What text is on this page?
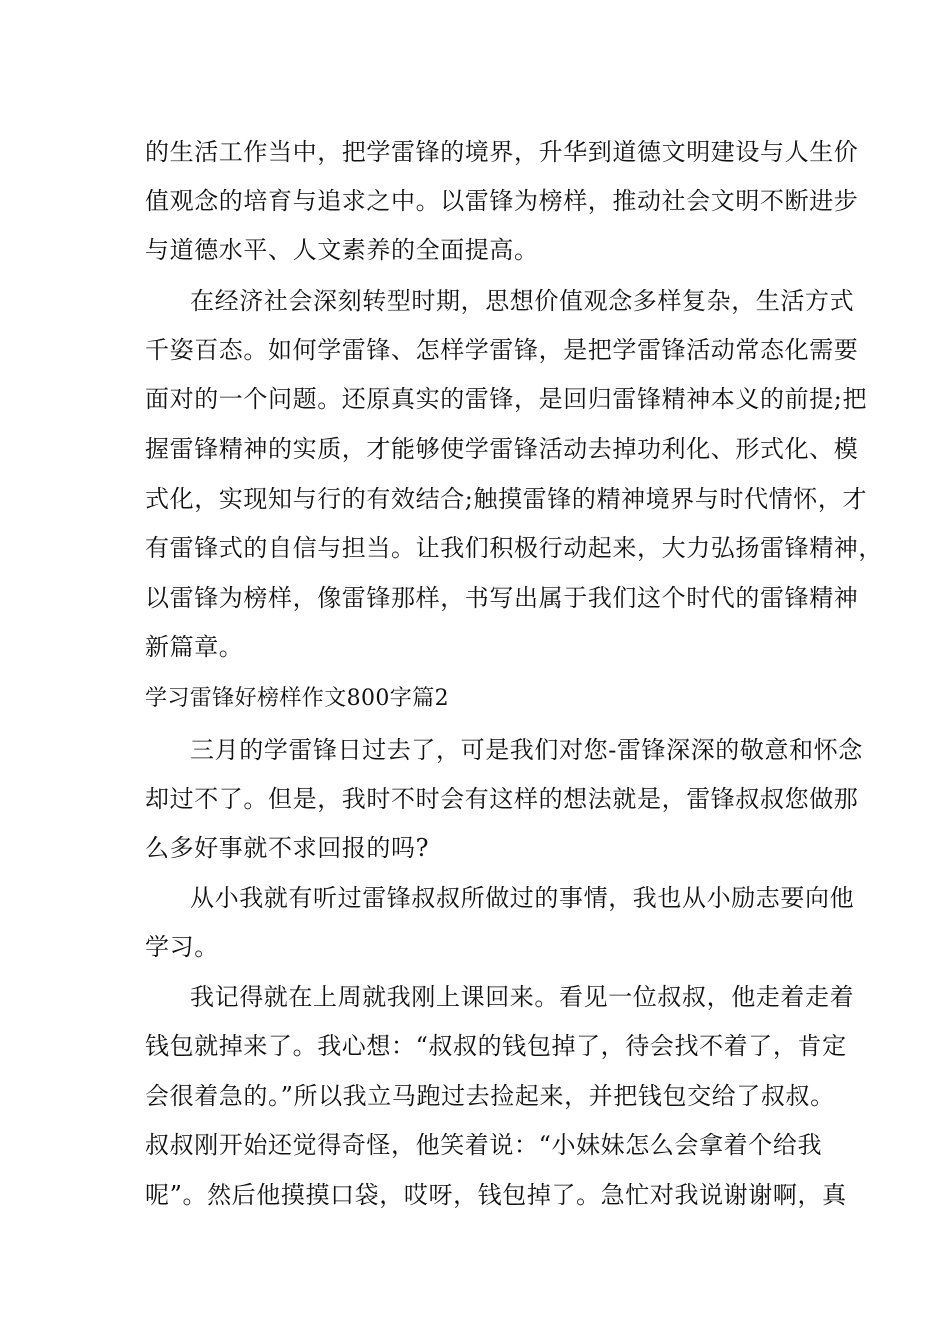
的生活工作当中，把学雷锋的境界，升华到道德文明建设与人生价
值观念的培育与追求之中。以雷锋为榜样，推动社会文明不断进步
与道德水平、人文素养的全面提高。
在经济社会深刻转型时期，思想价值观念多样复杂，生活方式
千姿百态。如何学雷锋、怎样学雷锋，是把学雷锋活动常态化需要
面对的一个问题。还原真实的雷锋，是回归雷锋精神本义的前提;把
握雷锋精神的实质，才能够使学雷锋活动去掉功利化、形式化、模
式化，实现知与行的有效结合;触摸雷锋的精神境界与时代情怀，才
有雷锋式的自信与担当。让我们积极行动起来，大力弘扬雷锋精神，
以雷锋为榜样，像雷锋那样，书写出属于我们这个时代的雷锋精神
新篇章。
学习雷锋好榜样作文800字篇2
三月的学雷锋日过去了，可是我们对您-雷锋深深的敬意和怀念
却过不了。但是，我时不时会有这样的想法就是，雷锋叔叔您做那
么多好事就不求回报的吗?
从小我就有听过雷锋叔叔所做过的事情，我也从小励志要向他
学习。
我记得就在上周就我刚上课回来。看见一位叔叔，他走着走着
钱包就掉来了。我心想：“叔叔的钱包掉了，待会找不着了，肯定
会很着急的。”所以我立马跑过去捡起来，并把钱包交给了叔叔。
叔叔刚开始还觉得奇怪，他笑着说：“小妹妹怎么会拿着个给我
呢”。然后他摸摸口袋，哎呀，钱包掉了。急忙对我说谢谢啊，真
